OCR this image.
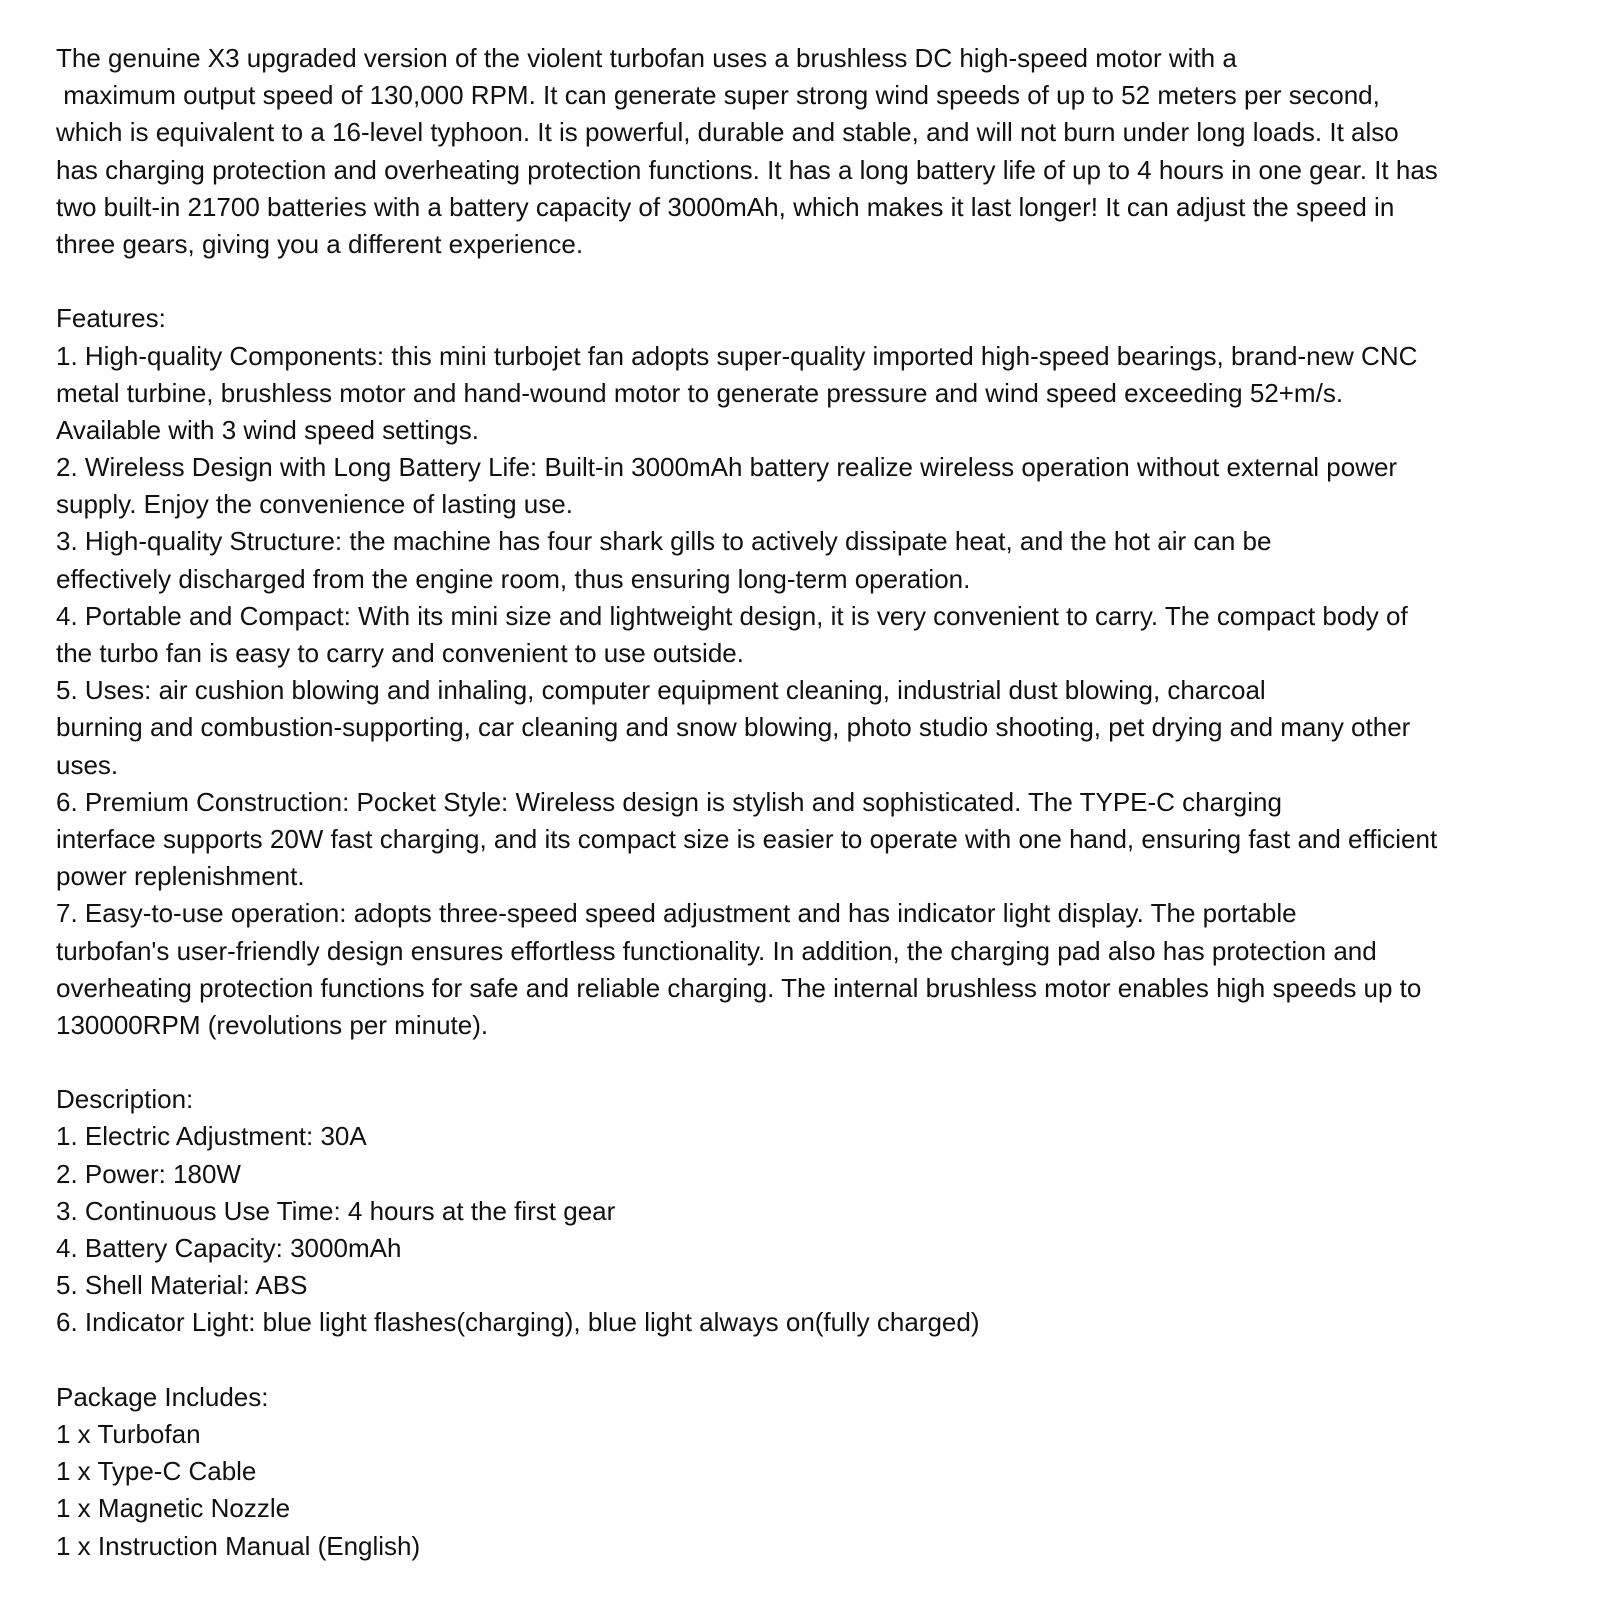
The genuine X3 upgraded version of the violent turbofan uses a brushless DC high-speed motor with a
maximum output speed of 130,000 RPM. It can generate super strong wind speeds of up to 52 meters per second,
which is equivalent to a 16-level typhoon. It is powerful, durable and stable, and will not burn under long loads. It also
has charging protection and overheating protection functions. It has a long battery life of up to 4 hours in one gear. It has
two built-in 21700 batteries with a battery capacity of 3000mAh, which makes it last longer! It can adjust the speed in
three gears, giving you a different experience.
Features:
1. High-quality Components: this mini turbojet fan adopts super-quality imported high-speed bearings, brand-new CNC
metal turbine, brushless motor and hand-wound motor to generate pressure and wind speed exceeding 52+m/s.
Available with 3 wind speed settings.
2. Wireless Design with Long Battery Life: Built-in 3000mAh battery realize wireless operation without external power
supply. Enjoy the convenience of lasting use.
3. High-quality Structure: the machine has four shark gills to actively dissipate heat, and the hot air can be
effectively discharged from the engine room, thus ensuring long-term operation.
4. Portable and Compact: With its mini size and lightweight design, it is very convenient to carry. The compact body of
the turbo fan is easy to carry and convenient to use outside.
5. Uses: air cushion blowing and inhaling, computer equipment cleaning, industrial dust blowing, charcoal
burning and combustion-supporting, car cleaning and snow blowing, photo studio shooting, pet drying and many other
uses.
6. Premium Construction: Pocket Style: Wireless design is stylish and sophisticated. The TYPE-C charging
interface supports 20W fast charging, and its compact size is easier to operate with one hand, ensuring fast and efficient
power replenishment.
7. Easy-to-use operation: adopts three-speed speed adjustment and has indicator light display. The portable
turbofan's user-friendly design ensures effortless functionality. In addition, the charging pad also has protection and
overheating protection functions for safe and reliable charging. The internal brushless motor enables high speeds up to
130000RPM (revolutions per minute).
Description:
1. Electric Adjustment: 30A
2. Power: 180W
3. Continuous Use Time: 4 hours at the first gear
4. Battery Capacity: 3000mAh
5. Shell Material: ABS
6. Indicator Light: blue light flashes(charging), blue light always on(fully charged)
Package Includes:
1 x Turbofan
1 x Type-C Cable
1 x Magnetic Nozzle
1 x Instruction Manual (English)
